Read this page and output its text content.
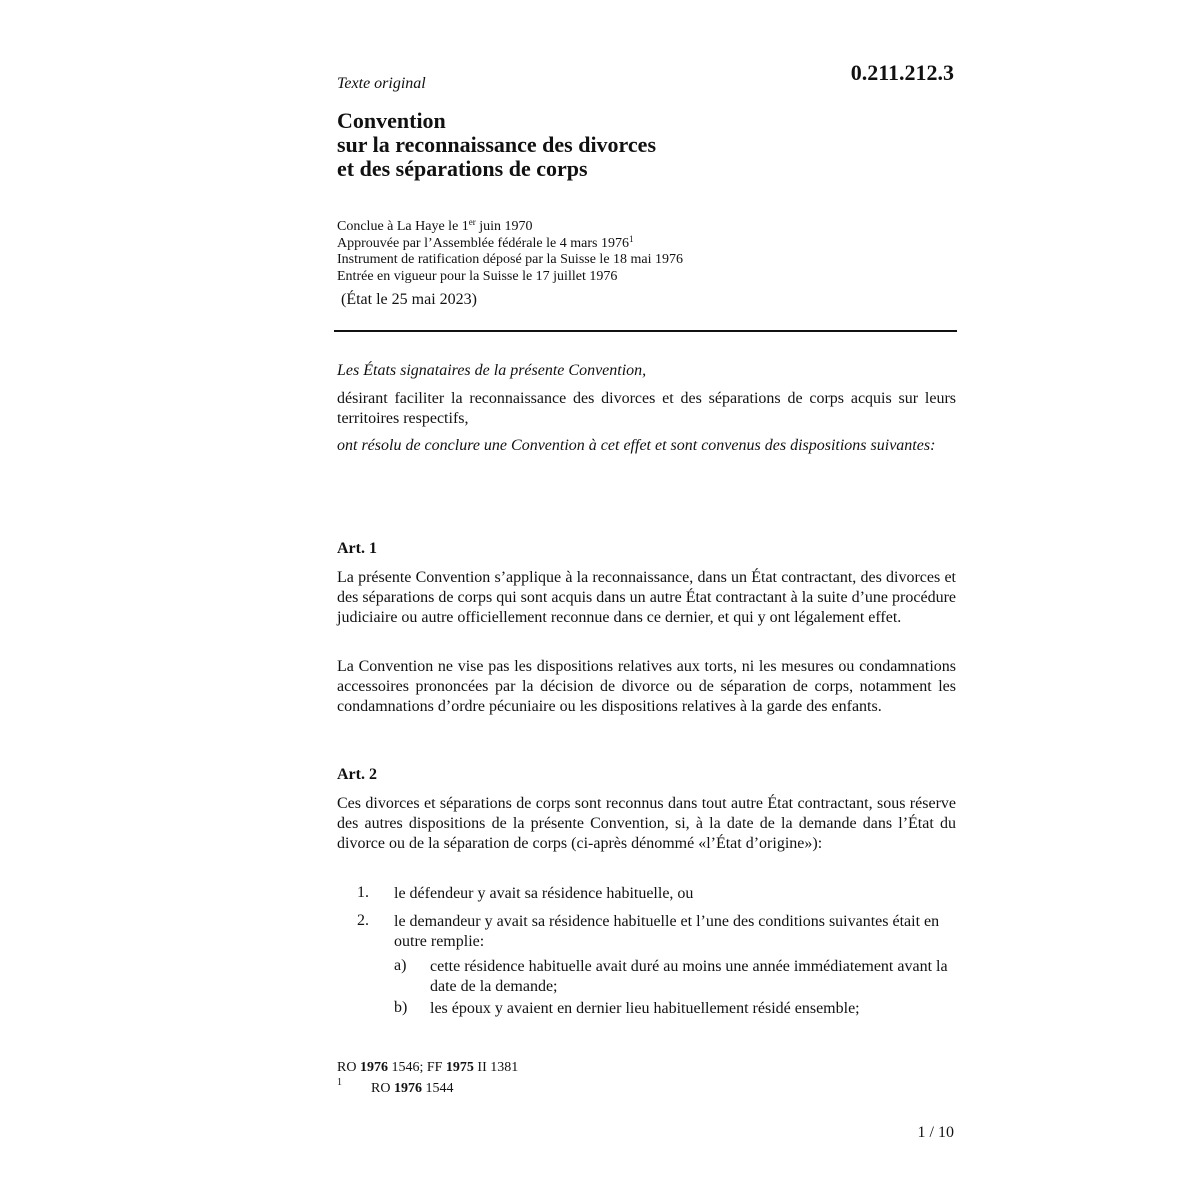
Texte original	0.211.212.3
Convention
sur la reconnaissance des divorces
et des séparations de corps
Conclue à La Haye le 1er juin 1970
Approuvée par l’Assemblée fédérale le 4 mars 1976$^1$
Instrument de ratification déposé par la Suisse le 18 mai 1976
Entrée en vigueur pour la Suisse le 17 juillet 1976
(État le 25 mai 2023)
Les États signataires de la présente Convention,
désirant faciliter la reconnaissance des divorces et des séparations de corps acquis sur leurs territoires respectifs,
ont résolu de conclure une Convention à cet effet et sont convenus des dispositions suivantes:
Art. 1
La présente Convention s’applique à la reconnaissance, dans un État contractant, des divorces et des séparations de corps qui sont acquis dans un autre État contractant à la suite d’une procédure judiciaire ou autre officiellement reconnue dans ce dernier, et qui y ont légalement effet.
La Convention ne vise pas les dispositions relatives aux torts, ni les mesures ou condamnations accessoires prononcées par la décision de divorce ou de séparation de corps, notamment les condamnations d’ordre pécuniaire ou les dispositions relatives à la garde des enfants.
Art. 2
Ces divorces et séparations de corps sont reconnus dans tout autre État contractant, sous réserve des autres dispositions de la présente Convention, si, à la date de la demande dans l’État du divorce ou de la séparation de corps (ci-après dénommé «l’État d’origine»):
1. le défendeur y avait sa résidence habituelle, ou
2. le demandeur y avait sa résidence habituelle et l’une des conditions suivantes était en outre remplie:
a) cette résidence habituelle avait duré au moins une année immédiatement avant la date de la demande;
b) les époux y avaient en dernier lieu habituellement résidé ensemble;
RO 1976 1546; FF 1975 II 1381
1 RO 1976 1544
1 / 10
